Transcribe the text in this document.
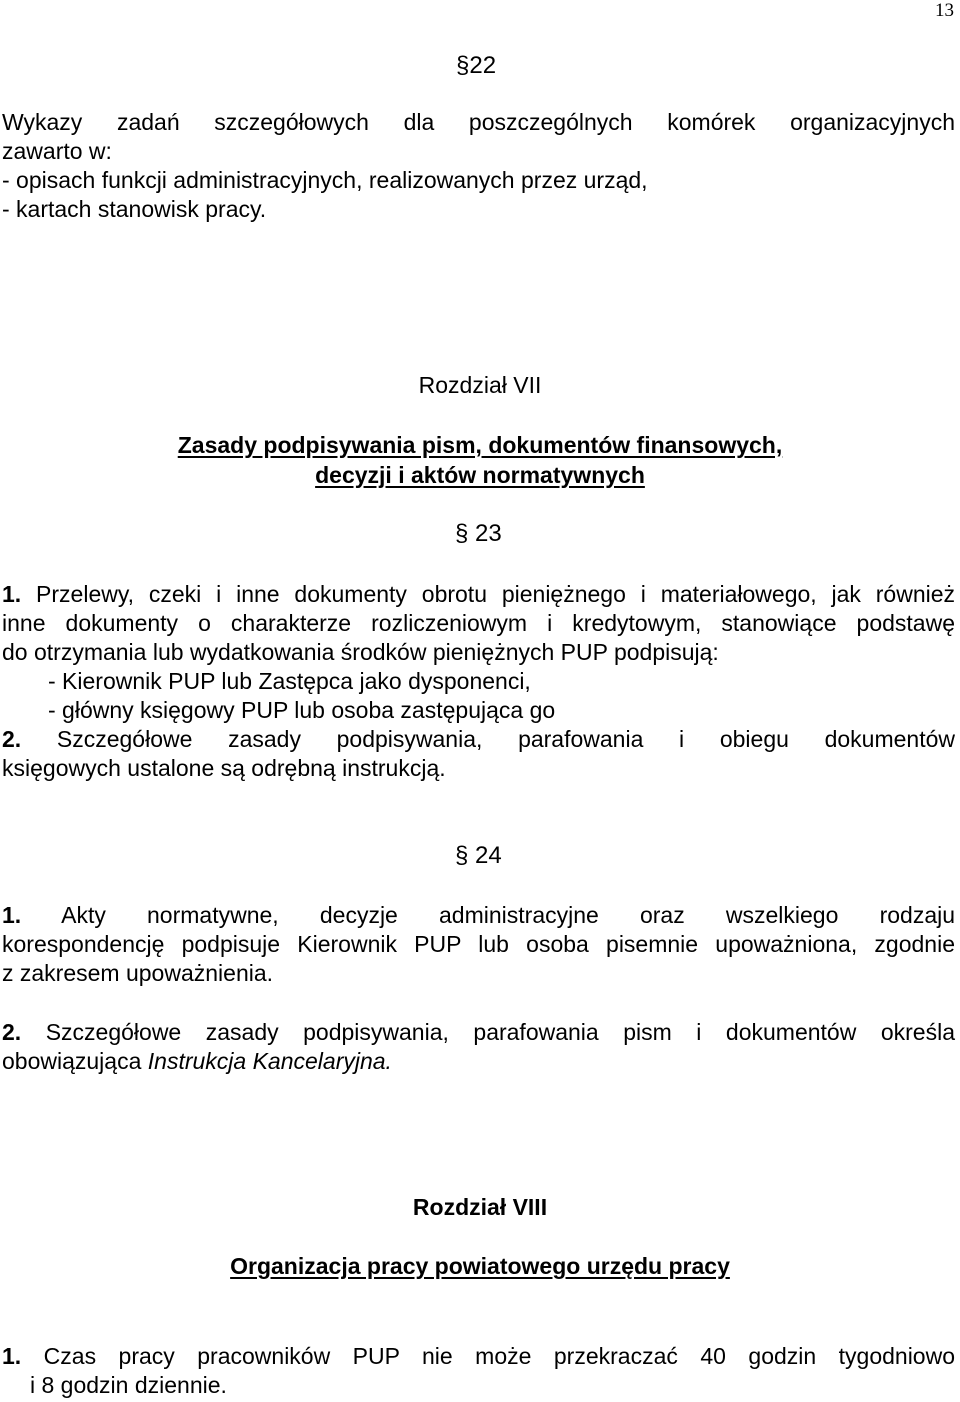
13
§22
Wykazy zadań szczegółowych dla poszczególnych komórek organizacyjnych
zawarto w:
- opisach funkcji administracyjnych, realizowanych przez urząd,
- kartach stanowisk pracy.
Rozdział VII
Zasady podpisywania pism, dokumentów finansowych,
decyzji i aktów normatywnych
§ 23
1. Przelewy, czeki i inne dokumenty obrotu pieniężnego i materiałowego, jak również
inne dokumenty o charakterze rozliczeniowym i kredytowym, stanowiące podstawę
do otrzymania lub wydatkowania środków pieniężnych PUP podpisują:
- Kierownik PUP lub Zastępca jako dysponenci,
- główny księgowy PUP lub osoba zastępująca go
2. Szczegółowe zasady podpisywania, parafowania i obiegu dokumentów
księgowych ustalone są odrębną instrukcją.
§ 24
1. Akty normatywne, decyzje administracyjne oraz wszelkiego rodzaju
korespondencję podpisuje Kierownik PUP lub osoba pisemnie upoważniona, zgodnie
z zakresem upoważnienia.
2. Szczegółowe zasady podpisywania, parafowania pism i dokumentów określa
obowiązująca Instrukcja Kancelaryjna.
Rozdział VIII
Organizacja pracy powiatowego urzędu pracy
1. Czas pracy pracowników PUP nie może przekraczać 40 godzin tygodniowo
i 8 godzin dziennie.
